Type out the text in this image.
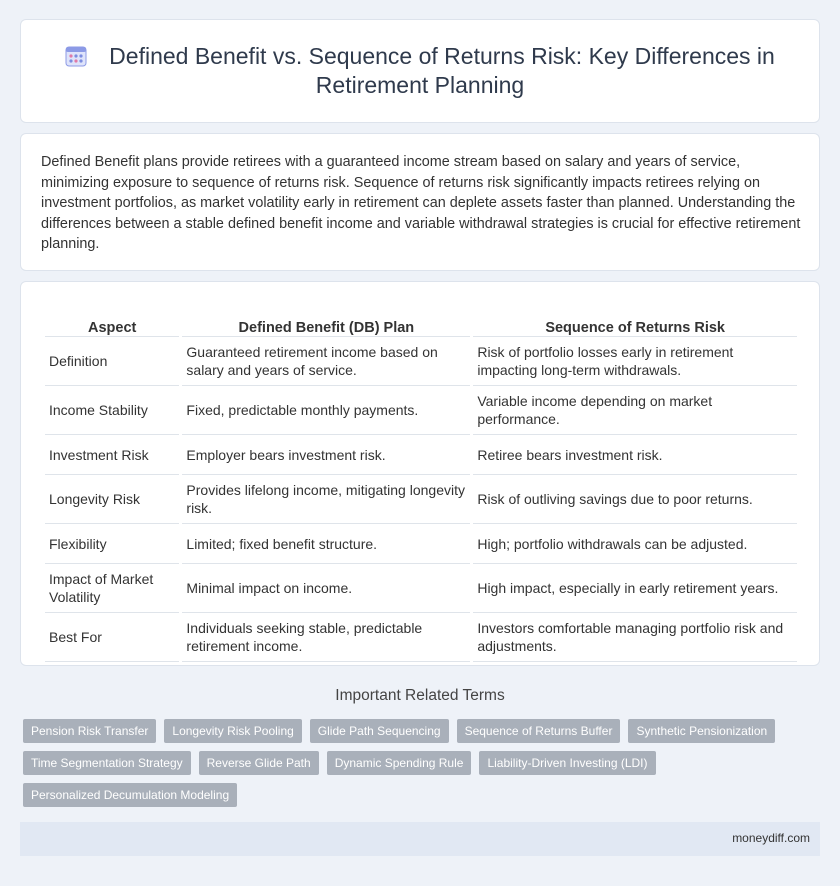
Defined Benefit vs. Sequence of Returns Risk: Key Differences in Retirement Planning

Defined Benefit plans provide retirees with a guaranteed income stream based on salary and years of service, minimizing exposure to sequence of returns risk. Sequence of returns risk significantly impacts retirees relying on investment portfolios, as market volatility early in retirement can deplete assets faster than planned. Understanding the differences between a stable defined benefit income and variable withdrawal strategies is crucial for effective retirement planning.

Aspect	Defined Benefit (DB) Plan	Sequence of Returns Risk
Definition	Guaranteed retirement income based on salary and years of service.	Risk of portfolio losses early in retirement impacting long-term withdrawals.
Income Stability	Fixed, predictable monthly payments.	Variable income depending on market performance.
Investment Risk	Employer bears investment risk.	Retiree bears investment risk.
Longevity Risk	Provides lifelong income, mitigating longevity risk.	Risk of outliving savings due to poor returns.
Flexibility	Limited; fixed benefit structure.	High; portfolio withdrawals can be adjusted.
Impact of Market Volatility	Minimal impact on income.	High impact, especially in early retirement years.
Best For	Individuals seeking stable, predictable retirement income.	Investors comfortable managing portfolio risk and adjustments.
Important Related Terms
Pension Risk Transfer	Longevity Risk Pooling	Glide Path Sequencing	Sequence of Returns Buffer	Synthetic Pensionization
Time Segmentation Strategy	Reverse Glide Path	Dynamic Spending Rule	Liability-Driven Investing (LDI)
Personalized Decumulation Modeling
moneydiff.com
